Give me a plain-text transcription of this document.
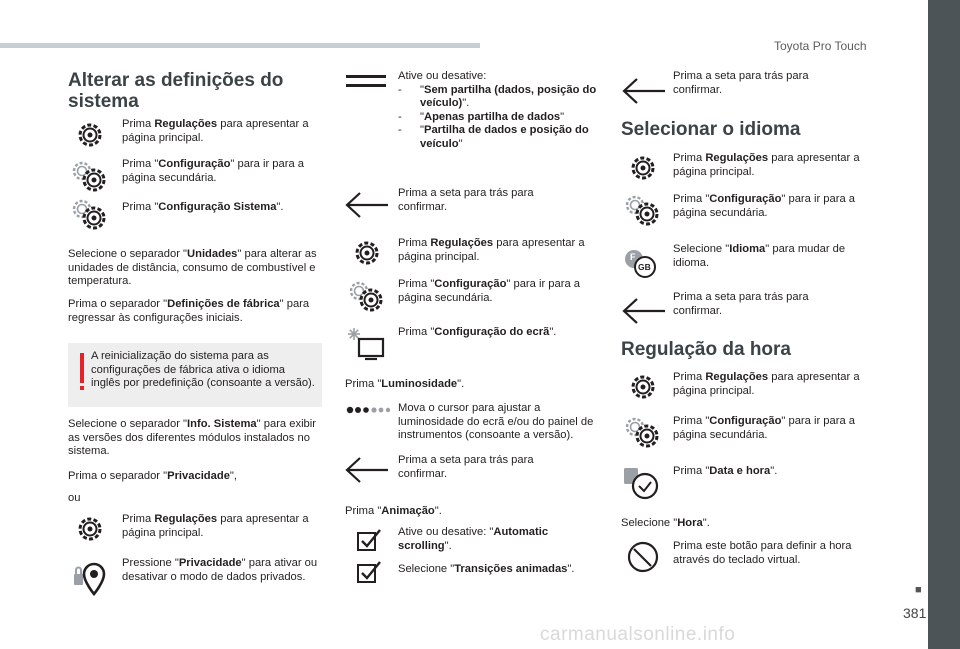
Toyota Pro Touch
Alterar as definições do sistema
Prima Regulações para apresentar a página principal.
Prima "Configuração" para ir para a página secundária.
Prima "Configuração Sistema".
Selecione o separador "Unidades" para alterar as unidades de distância, consumo de combustível e temperatura.
Prima o separador "Definições de fábrica" para regressar às configurações iniciais.
A reinicialização do sistema para as configurações de fábrica ativa o idioma inglês por predefinição (consoante a versão).
Selecione o separador "Info. Sistema" para exibir as versões dos diferentes módulos instalados no sistema.
Prima o separador "Privacidade",
ou
Prima Regulações para apresentar a página principal.
Pressione "Privacidade" para ativar ou desativar o modo de dados privados.
Ative ou desative:
- "Sem partilha (dados, posição do veículo)".
- "Apenas partilha de dados"
- "Partilha de dados e posição do veículo"
Prima a seta para trás para confirmar.
Prima Regulações para apresentar a página principal.
Prima "Configuração" para ir para a página secundária.
Prima "Configuração do ecrã".
Prima "Luminosidade".
Mova o cursor para ajustar a luminosidade do ecrã e/ou do painel de instrumentos (consoante a versão).
Prima a seta para trás para confirmar.
Prima "Animação".
Ative ou desative: "Automatic scrolling".
Selecione "Transições animadas".
Prima a seta para trás para confirmar.
Selecionar o idioma
Prima Regulações para apresentar a página principal.
Prima "Configuração" para ir para a página secundária.
F
GB
Selecione "Idioma" para mudar de idioma.
Prima a seta para trás para confirmar.
Regulação da hora
Prima Regulações para apresentar a página principal.
Prima "Configuração" para ir para a página secundária.
Prima "Data e hora".
Selecione "Hora".
Prima este botão para definir a hora através do teclado virtual.
■
381
carmanualsonline.info
